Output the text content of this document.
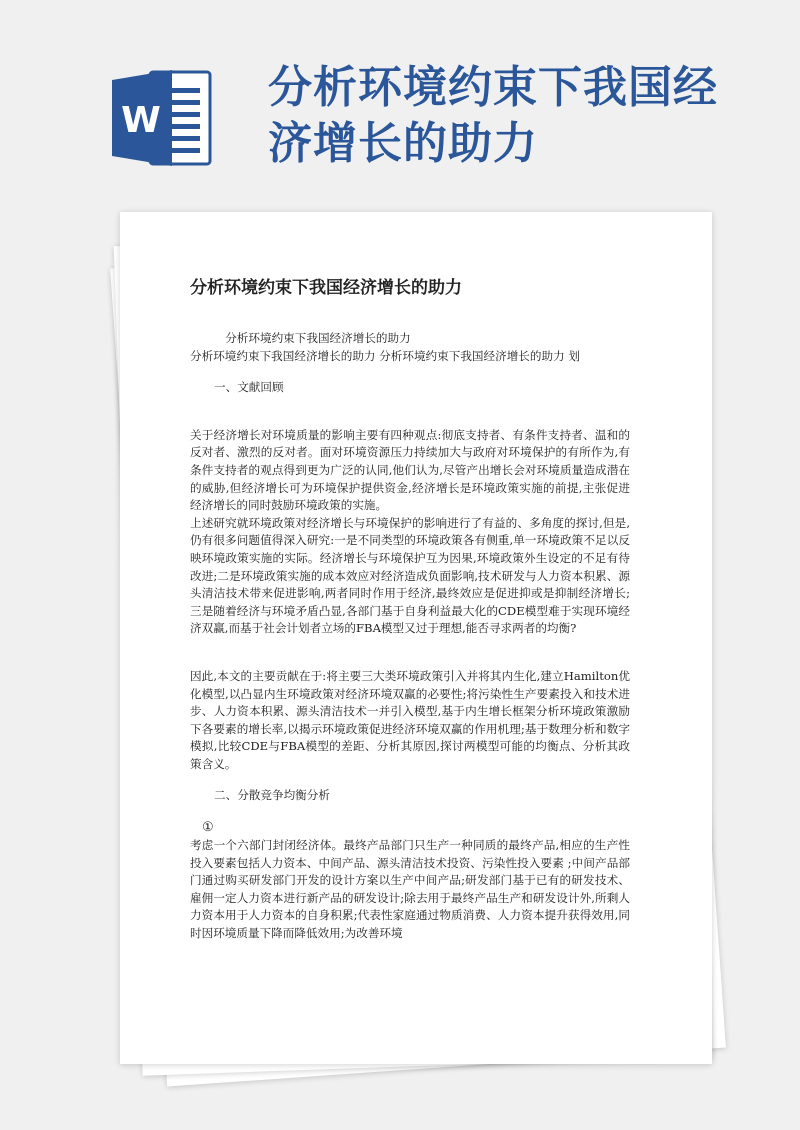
W
分析环境约束下我国经济增长的助力
分析环境约束下我国经济增长的助力

分析环境约束下我国经济增长的助力

分析环境约束下我国经济增长的助力 分析环境约束下我国经济增长的助力 划

一、文献回顾

关于经济增长对环境质量的影响主要有四种观点:彻底支持者、有条件支持者、温和的反对者、激烈的反对者。面对环境资源压力持续加大与政府对环境保护的有所作为,有条件支持者的观点得到更为广泛的认同,他们认为,尽管产出增长会对环境质量造成潜在的威胁,但经济增长可为环境保护提供资金,经济增长是环境政策实施的前提,主张促进经济增长的同时鼓励环境政策的实施。

上述研究就环境政策对经济增长与环境保护的影响进行了有益的、多角度的探讨,但是,仍有很多问题值得深入研究:一是不同类型的环境政策各有侧重,单一环境政策不足以反映环境政策实施的实际。经济增长与环境保护互为因果,环境政策外生设定的不足有待改进;二是环境政策实施的成本效应对经济造成负面影响,技术研发与人力资本积累、源头清洁技术带来促进影响,两者同时作用于经济,最终效应是促进抑或是抑制经济增长;三是随着经济与环境矛盾凸显,各部门基于自身利益最大化的CDE模型难于实现环境经济双赢,而基于社会计划者立场的FBA模型又过于理想,能否寻求两者的均衡?

因此,本文的主要贡献在于:将主要三大类环境政策引入并将其内生化,建立Hamilton优化模型,以凸显内生环境政策对经济环境双赢的必要性;将污染性生产要素投入和技术进步、人力资本积累、源头清洁技术一并引入模型,基于内生增长框架分析环境政策激励下各要素的增长率,以揭示环境政策促进经济环境双赢的作用机理;基于数理分析和数字模拟,比较CDE与FBA模型的差距、分析其原因,探讨两模型可能的均衡点、分析其政策含义。

二、分散竞争均衡分析

①

考虑一个六部门封闭经济体。最终产品部门只生产一种同质的最终产品,相应的生产性投入要素包括人力资本、中间产品、源头清洁技术投资、污染性投入要素 ;中间产品部门通过购买研发部门开发的设计方案以生产中间产品;研发部门基于已有的研发技术、雇佣一定人力资本进行新产品的研发设计;除去用于最终产品生产和研发设计外,所剩人力资本用于人力资本的自身积累;代表性家庭通过物质消费、人力资本提升获得效用,同时因环境质量下降而降低效用;为改善环境
